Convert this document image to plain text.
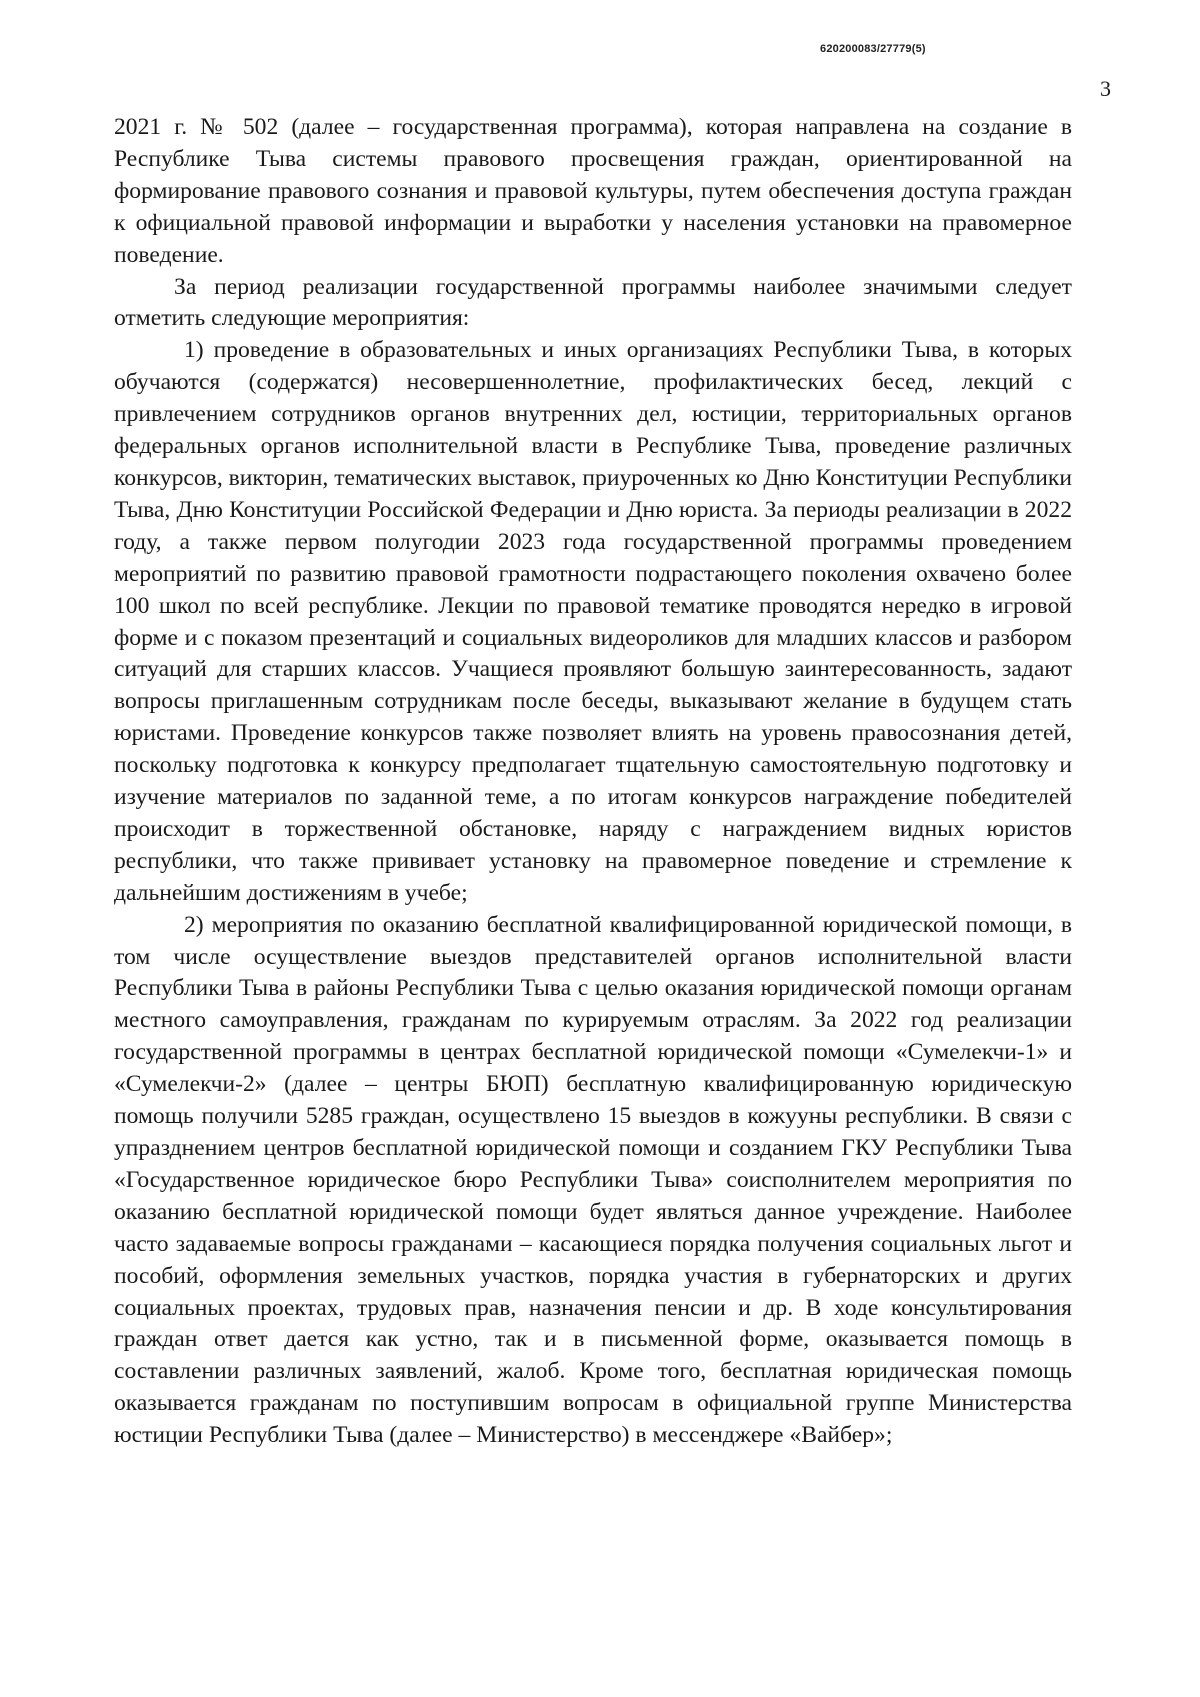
620200083/27779(5)
3

2021 г. № 502 (далее – государственная программа), которая направлена на создание в Республике Тыва системы правового просвещения граждан, ориентированной на формирование правового сознания и правовой культуры, путем обеспечения доступа граждан к официальной правовой информации и выработки у населения установки на правомерное поведение.

За период реализации государственной программы наиболее значимыми следует отметить следующие мероприятия:

1) проведение в образовательных и иных организациях Республики Тыва, в которых обучаются (содержатся) несовершеннолетние, профилактических бесед, лекций с привлечением сотрудников органов внутренних дел, юстиции, территориальных органов федеральных органов исполнительной власти в Республике Тыва, проведение различных конкурсов, викторин, тематических выставок, приуроченных ко Дню Конституции Республики Тыва, Дню Конституции Российской Федерации и Дню юриста. За периоды реализации в 2022 году, а также первом полугодии 2023 года государственной программы проведением мероприятий по развитию правовой грамотности подрастающего поколения охвачено более 100 школ по всей республике. Лекции по правовой тематике проводятся нередко в игровой форме и с показом презентаций и социальных видеороликов для младших классов и разбором ситуаций для старших классов. Учащиеся проявляют большую заинтересованность, задают вопросы приглашенным сотрудникам после беседы, выказывают желание в будущем стать юристами. Проведение конкурсов также позволяет влиять на уровень правосознания детей, поскольку подготовка к конкурсу предполагает тщательную самостоятельную подготовку и изучение материалов по заданной теме, а по итогам конкурсов награждение победителей происходит в торжественной обстановке, наряду с награждением видных юристов республики, что также прививает установку на правомерное поведение и стремление к дальнейшим достижениям в учебе;

2) мероприятия по оказанию бесплатной квалифицированной юридической помощи, в том числе осуществление выездов представителей органов исполнительной власти Республики Тыва в районы Республики Тыва с целью оказания юридической помощи органам местного самоуправления, гражданам по курируемым отраслям. За 2022 год реализации государственной программы в центрах бесплатной юридической помощи «Сумелекчи-1» и «Сумелекчи-2» (далее – центры БЮП) бесплатную квалифицированную юридическую помощь получили 5285 граждан, осуществлено 15 выездов в кожууны республики. В связи с упразднением центров бесплатной юридической помощи и созданием ГКУ Республики Тыва «Государственное юридическое бюро Республики Тыва» соисполнителем мероприятия по оказанию бесплатной юридической помощи будет являться данное учреждение. Наиболее часто задаваемые вопросы гражданами – касающиеся порядка получения социальных льгот и пособий, оформления земельных участков, порядка участия в губернаторских и других социальных проектах, трудовых прав, назначения пенсии и др. В ходе консультирования граждан ответ дается как устно, так и в письменной форме, оказывается помощь в составлении различных заявлений, жалоб. Кроме того, бесплатная юридическая помощь оказывается гражданам по поступившим вопросам в официальной группе Министерства юстиции Республики Тыва (далее – Министерство) в мессенджере «Вайбер»;
